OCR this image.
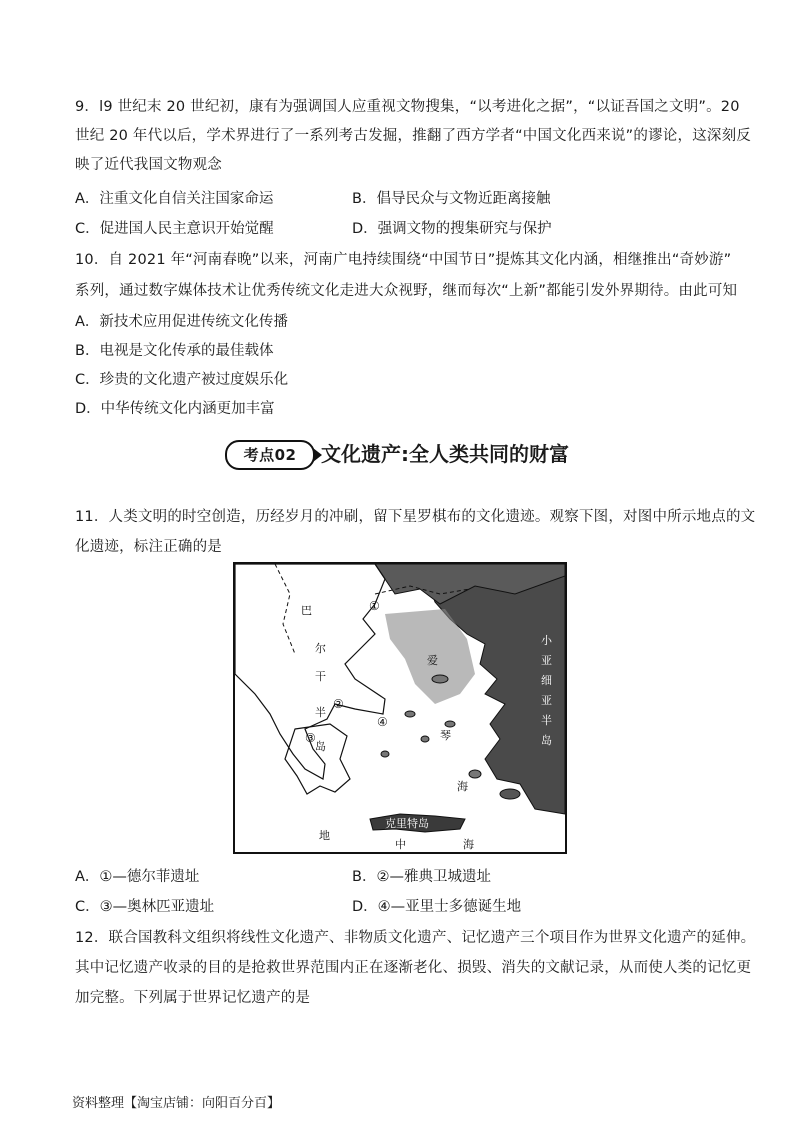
9．l9 世纪末 20 世纪初，康有为强调国人应重视文物搜集，“以考进化之据”，“以证吾国之文明”。20
世纪 20 年代以后，学术界进行了一系列考古发掘，推翻了西方学者“中国文化西来说”的谬论，这深刻反
映了近代我国文物观念
A．注重文化自信关注国家命运	B．倡导民众与文物近距离接触
C．促进国人民主意识开始觉醒	D．强调文物的搜集研究与保护
10．自 2021 年“河南春晚”以来，河南广电持续围绕“中国节日”提炼其文化内涵，相继推出“奇妙游”
系列，通过数字媒体技术让优秀传统文化走进大众视野，继而每次“上新”都能引发外界期待。由此可知
A．新技术应用促进传统文化传播
B．电视是文化传承的最佳载体
C．珍贵的文化遗产被过度娱乐化
D．中华传统文化内涵更加丰富
考点02	文化遗产:全人类共同的财富
11．人类文明的时空创造，历经岁月的冲刷，留下星罗棋布的文化遗迹。观察下图，对图中所示地点的文
化遗迹，标注正确的是
巴
尔
干
半
岛
小
亚
细
亚
半
岛
爱
琴
海
克里特岛
地
中	海
①
②
③
④
A．①—德尔菲遗址	B．②—雅典卫城遗址
C．③—奥林匹亚遗址	D．④—亚里士多德诞生地
12．联合国教科文组织将线性文化遗产、非物质文化遗产、记忆遗产三个项目作为世界文化遗产的延伸。
其中记忆遗产收录的目的是抢救世界范围内正在逐渐老化、损毁、消失的文献记录，从而使人类的记忆更
加完整。下列属于世界记忆遗产的是
资料整理【淘宝店铺：向阳百分百】
